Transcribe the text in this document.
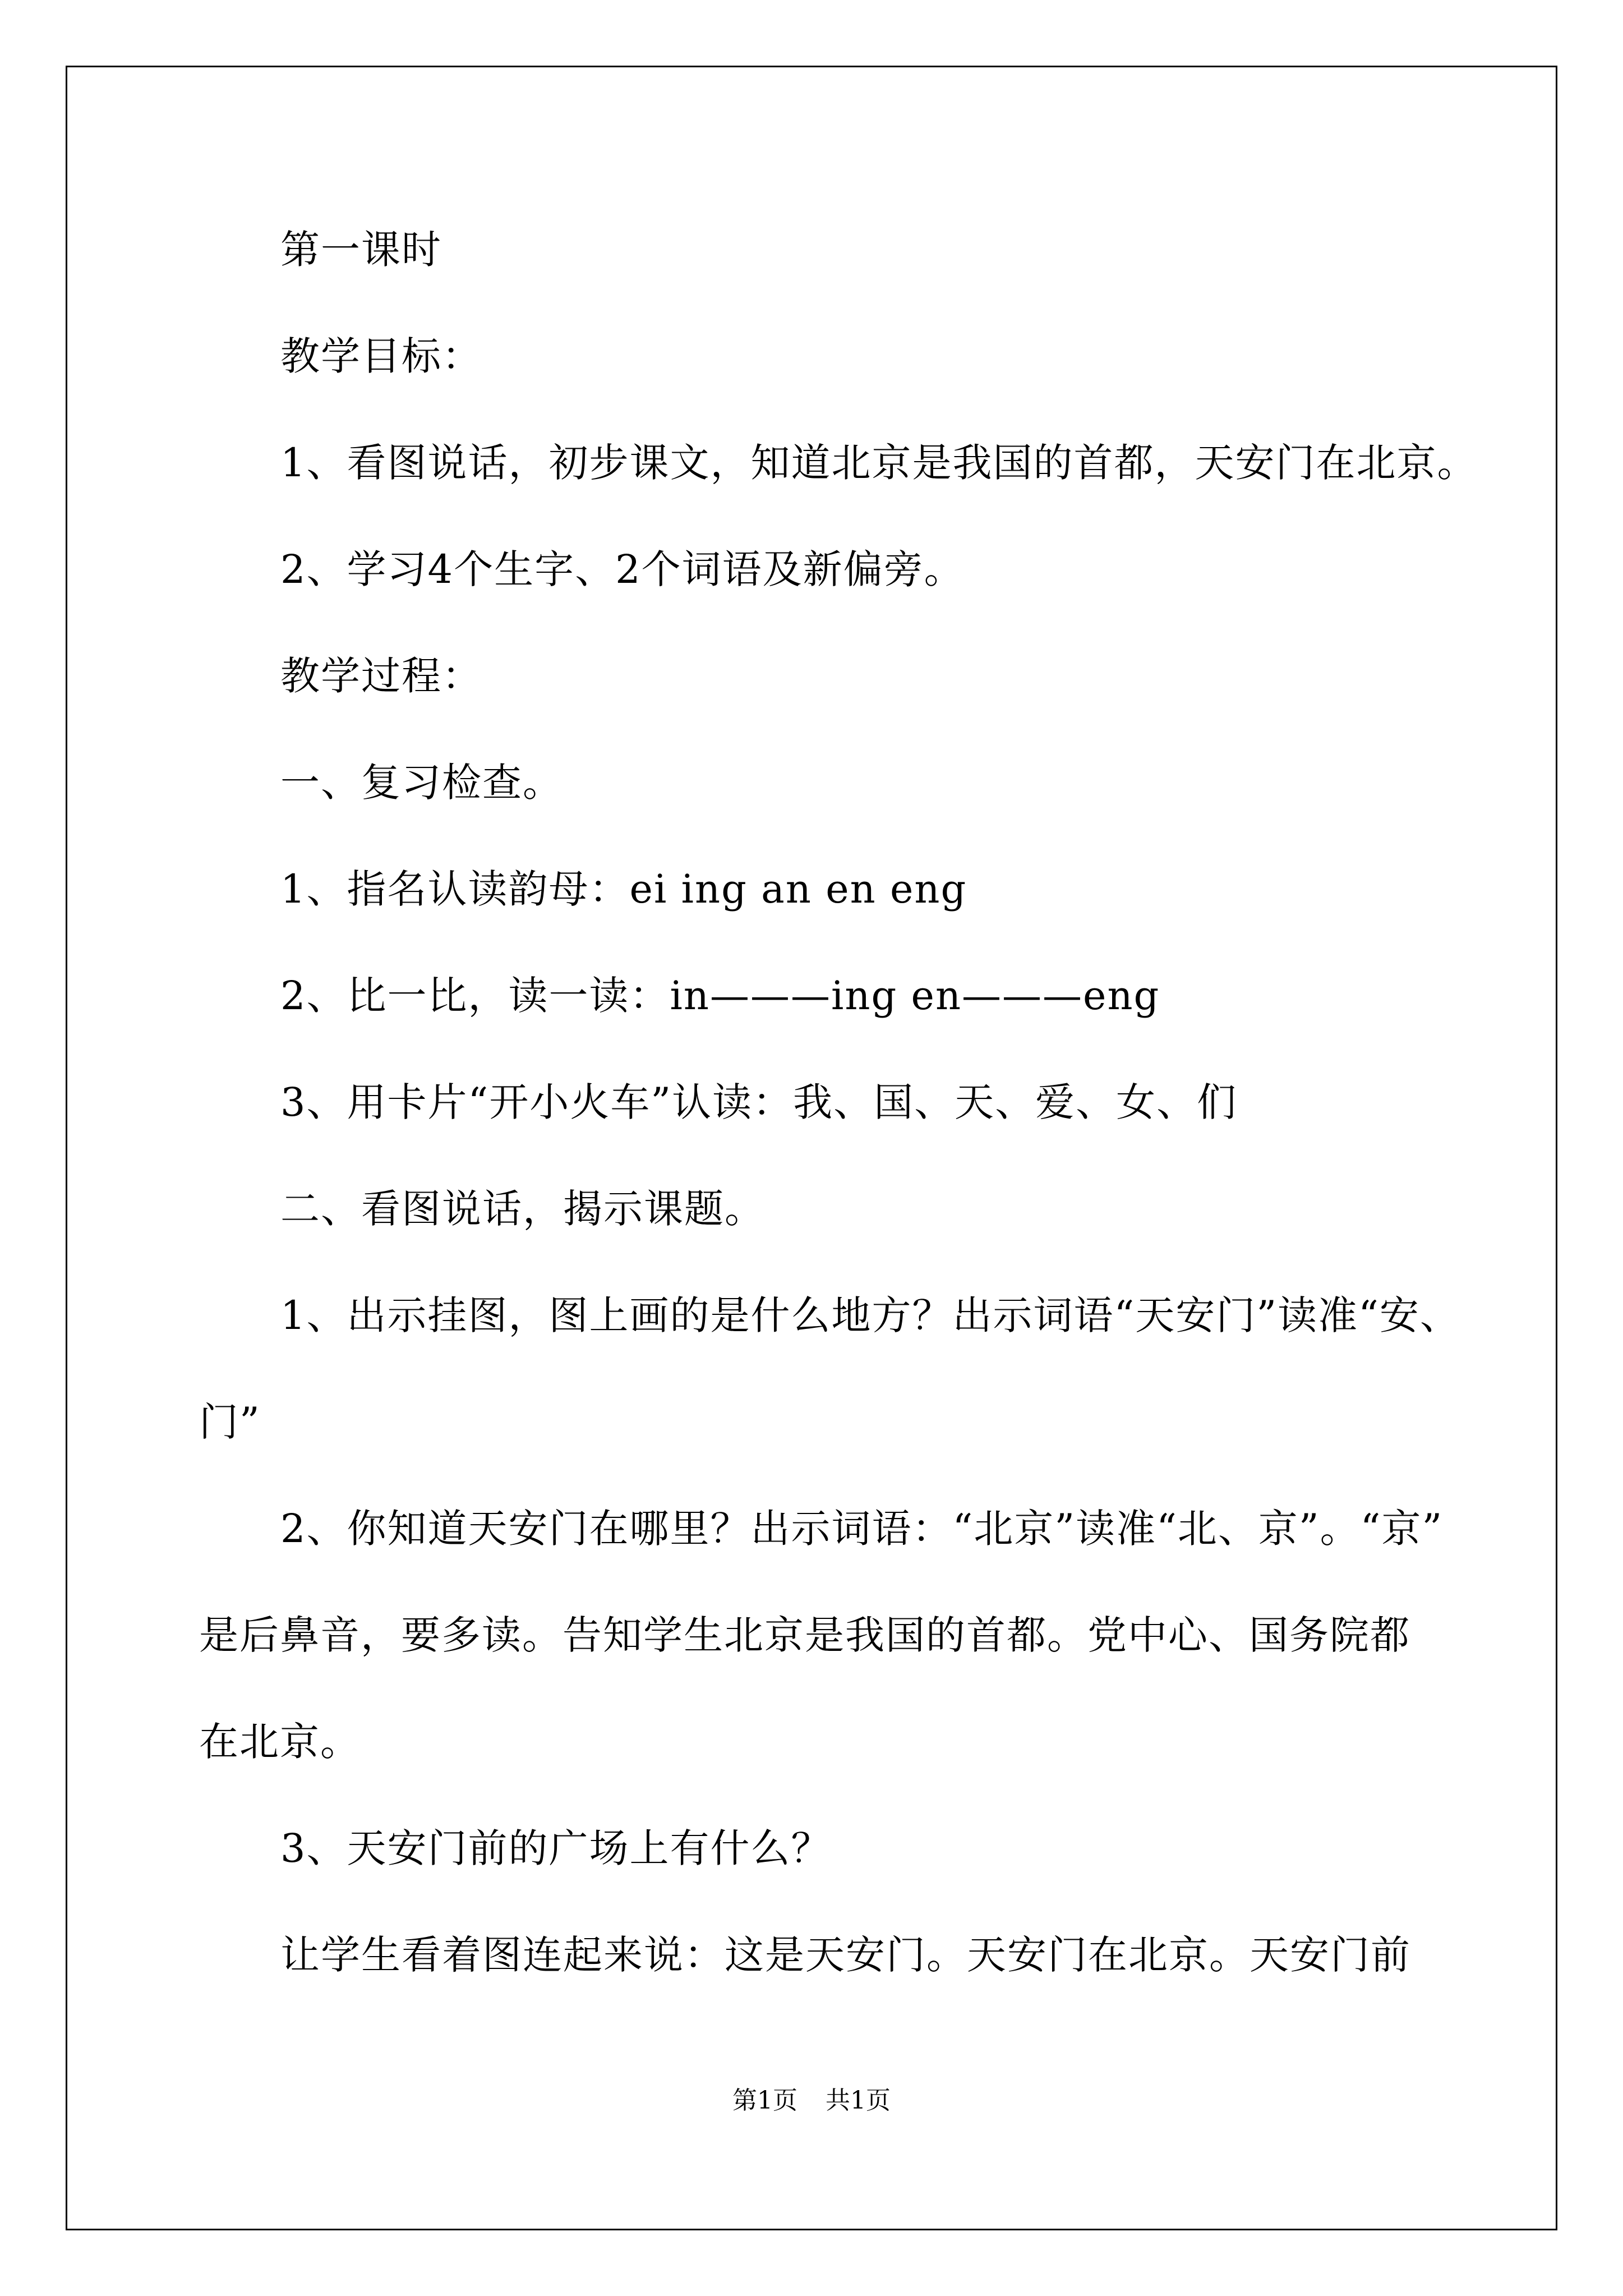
第一课时
教学目标：
1、看图说话，初步课文，知道北京是我国的首都，天安门在北京。
2、学习4个生字、2个词语及新偏旁。
教学过程：
一、复习检查。
1、指名认读韵母：ei ing an en eng
2、比一比，读一读：in———ing en———eng
3、用卡片“开小火车”认读：我、国、天、爱、女、们
二、看图说话，揭示课题。
1、出示挂图，图上画的是什么地方？出示词语“天安门”读准“安、
门”
2、你知道天安门在哪里？出示词语：“北京”读准“北、京”。“京”
是后鼻音，要多读。告知学生北京是我国的首都。党中心、国务院都
在北京。
3、天安门前的广场上有什么？
让学生看着图连起来说：这是天安门。天安门在北京。天安门前
第1页 共1页
